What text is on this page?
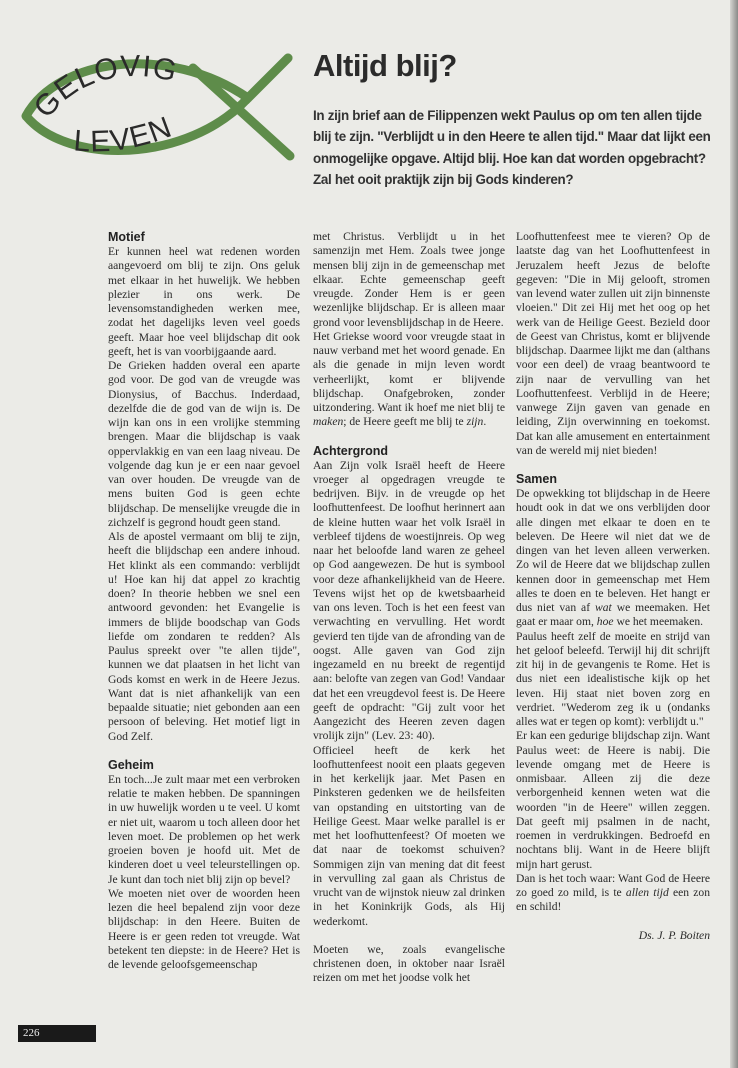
GELOVIG
LEVEN
Altijd blij?

In zijn brief aan de Filippenzen wekt Paulus op om ten allen tijde blij te zijn. "Verblijdt u in den Heere te allen tijd." Maar dat lijkt een onmogelijke opgave. Altijd blij. Hoe kan dat worden opgebracht? Zal het ooit praktijk zijn bij Gods kinderen?

Motief

Er kunnen heel wat redenen worden aangevoerd om blij te zijn. Ons geluk met elkaar in het huwelijk. We hebben plezier in ons werk. De levensomstandigheden werken mee, zodat het dagelijks leven veel goeds geeft. Maar hoe veel blijdschap dit ook geeft, het is van voorbijgaande aard.

De Grieken hadden overal een aparte god voor. De god van de vreugde was Dionysius, of Bacchus. Inderdaad, dezelfde die de god van de wijn is. De wijn kan ons in een vrolijke stemming brengen. Maar die blijdschap is vaak oppervlakkig en van een laag niveau. De volgende dag kun je er een naar gevoel van over houden. De vreugde van de mens buiten God is geen echte blijdschap. De menselijke vreugde die in zichzelf is gegrond houdt geen stand.

Als de apostel vermaant om blij te zijn, heeft die blijdschap een andere inhoud. Het klinkt als een commando: verblijdt u! Hoe kan hij dat appel zo krachtig doen? In theorie hebben we snel een antwoord gevonden: het Evangelie is immers de blijde boodschap van Gods liefde om zondaren te redden? Als Paulus spreekt over "te allen tijde", kunnen we dat plaatsen in het licht van Gods komst en werk in de Heere Jezus. Want dat is niet afhankelijk van een bepaalde situatie; niet gebonden aan een persoon of beleving. Het motief ligt in God Zelf.

Geheim

En toch...Je zult maar met een verbroken relatie te maken hebben. De spanningen in uw huwelijk worden u te veel. U komt er niet uit, waarom u toch alleen door het leven moet. De problemen op het werk groeien boven je hoofd uit. Met de kinderen doet u veel teleurstellingen op. Je kunt dan toch niet blij zijn op bevel?

We moeten niet over de woorden heen lezen die heel bepalend zijn voor deze blijdschap: in den Heere. Buiten de Heere is er geen reden tot vreugde. Wat betekent ten diepste: in de Heere? Het is de levende geloofsgemeenschap

met Christus. Verblijdt u in het samenzijn met Hem. Zoals twee jonge mensen blij zijn in de gemeenschap met elkaar. Echte gemeenschap geeft vreugde. Zonder Hem is er geen wezenlijke blijdschap. Er is alleen maar grond voor levensblijdschap in de Heere.

Het Griekse woord voor vreugde staat in nauw verband met het woord genade. En als die genade in mijn leven wordt verheerlijkt, komt er blijvende blijdschap. Onafgebroken, zonder uitzondering. Want ik hoef me niet blij te maken; de Heere geeft me blij te zijn.

Achtergrond

Aan Zijn volk Israël heeft de Heere vroeger al opgedragen vreugde te bedrijven. Bijv. in de vreugde op het loofhuttenfeest. De loofhut herinnert aan de kleine hutten waar het volk Israël in verbleef tijdens de woestijnreis. Op weg naar het beloofde land waren ze geheel op God aangewezen. De hut is symbool voor deze afhankelijkheid van de Heere. Tevens wijst het op de kwetsbaarheid van ons leven. Toch is het een feest van verwachting en vervulling. Het wordt gevierd ten tijde van de afronding van de oogst. Alle gaven van God zijn ingezameld en nu breekt de regentijd aan: belofte van zegen van God! Vandaar dat het een vreugdevol feest is. De Heere geeft de opdracht: "Gij zult voor het Aangezicht des Heeren zeven dagen vrolijk zijn" (Lev. 23: 40).

Officieel heeft de kerk het loofhuttenfeest nooit een plaats gegeven in het kerkelijk jaar. Met Pasen en Pinksteren gedenken we de heilsfeiten van opstanding en uitstorting van de Heilige Geest. Maar welke parallel is er met het loofhuttenfeest? Of moeten we dat naar de toekomst schuiven? Sommigen zijn van mening dat dit feest in vervulling zal gaan als Christus de vrucht van de wijnstok nieuw zal drinken in het Koninkrijk Gods, als Hij wederkomt.

Moeten we, zoals evangelische christenen doen, in oktober naar Israël reizen om met het joodse volk het

Loofhuttenfeest mee te vieren? Op de laatste dag van het Loofhuttenfeest in Jeruzalem heeft Jezus de belofte gegeven: "Die in Mij gelooft, stromen van levend water zullen uit zijn binnenste vloeien." Dit zei Hij met het oog op het werk van de Heilige Geest. Bezield door de Geest van Christus, komt er blijvende blijdschap. Daarmee lijkt me dan (althans voor een deel) de vraag beantwoord te zijn naar de vervulling van het Loofhuttenfeest. Verblijd in de Heere; vanwege Zijn gaven van genade en leiding, Zijn overwinning en toekomst. Dat kan alle amusement en entertainment van de wereld mij niet bieden!

Samen

De opwekking tot blijdschap in de Heere houdt ook in dat we ons verblijden door alle dingen met elkaar te doen en te beleven. De Heere wil niet dat we de dingen van het leven alleen verwerken. Zo wil de Heere dat we blijdschap zullen kennen door in gemeenschap met Hem alles te doen en te beleven. Het hangt er dus niet van af wat we meemaken. Het gaat er maar om, hoe we het meemaken.

Paulus heeft zelf de moeite en strijd van het geloof beleefd. Terwijl hij dit schrijft zit hij in de gevangenis te Rome. Het is dus niet een idealistische kijk op het leven. Hij staat niet boven zorg en verdriet. "Wederom zeg ik u (ondanks alles wat er tegen op komt): verblijdt u."

Er kan een gedurige blijdschap zijn. Want Paulus weet: de Heere is nabij. Die levende omgang met de Heere is onmisbaar. Alleen zij die deze verborgenheid kennen weten wat die woorden "in de Heere" willen zeggen. Dat geeft mij psalmen in de nacht, roemen in verdrukkingen. Bedroefd en nochtans blij. Want in de Heere blijft mijn hart gerust.

Dan is het toch waar: Want God de Heere zo goed zo mild, is te allen tijd een zon en schild!

Ds. J. P. Boiten

226
